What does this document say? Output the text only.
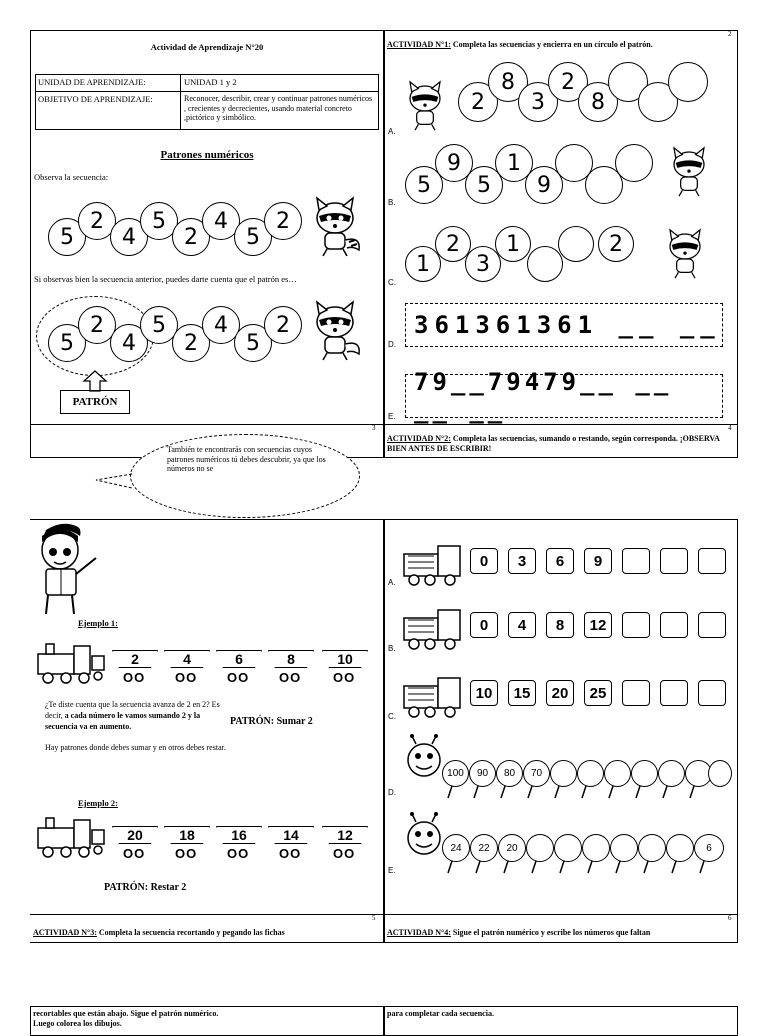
Actividad de Aprendizaje N°20
UNIDAD DE APRENDIZAJE:	UNIDAD 1 y 2
OBJETIVO DE APRENDIZAJE:	Reconocer, describir, crear y continuar patrones numéricos , crecientes y decrecientes, usando material concreto ,pictórico y simbólico.
Patrones numéricos
Observa la secuencia:
5
2
4
5
2
4
5
2
Si observas bien la secuencia anterior, puedes darte cuenta que el patrón es…
5
2
4
5
2
4
5
2
PATRÓN
3
También te encontrarás con secuencias cuyos patrones numéricos tú debes descubrir, ya que los números no se
2
ACTIVIDAD N°1: Completa las secuencias y encierra en un círculo el patrón.
A.
2
8
3
2
8
B.
5
9
5
1
9
C.
1
2
3
1	2
361361361 __ __
D.
79__79479__ __ __ __
E.
4
ACTIVIDAD N°2: Completa las secuencias, sumando o restando, según corresponda. ¡OBSERVA BIEN ANTES DE ESCRIBIR!
Ejemplo 1:
2
OO
4
OO
6
OO
8
OO
10
OO
¿Te diste cuenta que la secuencia avanza de 2 en 2? Es decir, a cada número le vamos sumando 2 y la secuencia va en aumento.	PATRÓN: Sumar 2
Hay patrones donde debes sumar y en otros debes restar.
Ejemplo 2:
20
OO
18
OO
16
OO
14
OO
12
OO
PATRÓN: Restar 2
5
ACTIVIDAD N°3: Completa la secuencia recortando y pegando las fichas
A.
0	3	6	9
B.
0	4	8	12
C.
10	15	20	25
D.
100	90	80	70
E.
24	22	20	6
6
ACTIVIDAD N°4: Sigue el patrón numérico y escribe los números que faltan
recortables que están abajo. Sigue el patrón numérico.
Luego colorea los dibujos.
para completar cada secuencia.
